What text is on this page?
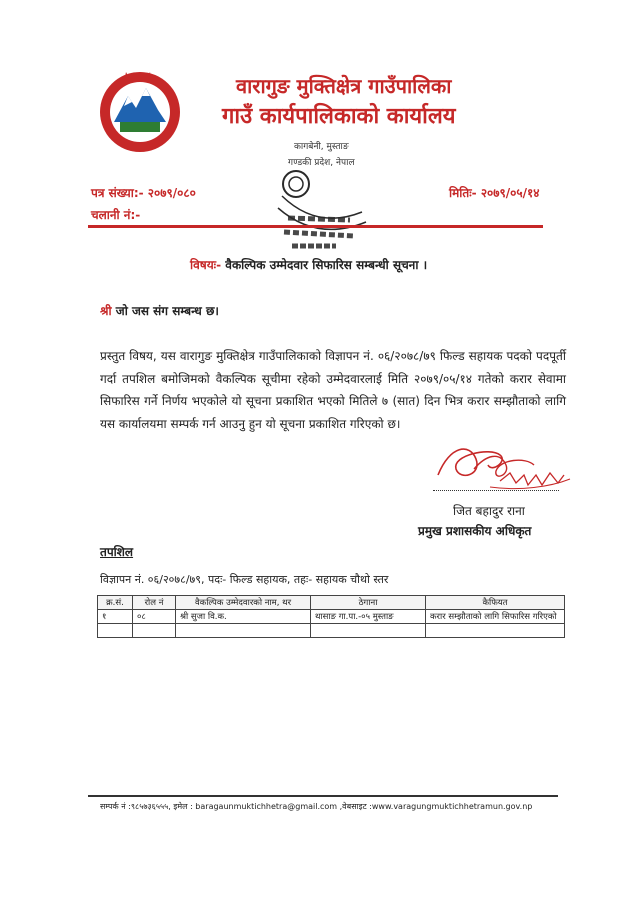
वारागुङ मुक्तिक्षेत्र गाउँपालिका
गाउँ कार्यपालिकाको कार्यालय
कागबेनी, मुस्ताङ
गण्डकी प्रदेश, नेपाल
पत्र संख्या:- २०७९/०८०
चलानी नं:-
मितिः- २०७९/०५/१४
विषयः- वैकल्पिक उम्मेदवार सिफारिस सम्बन्धी सूचना ।
श्री जो जस संग सम्बन्ध छ।
प्रस्तुत विषय, यस वारागुङ मुक्तिक्षेत्र गाउँपालिकाको विज्ञापन नं. ०६/२०७८/७९ फिल्ड सहायक पदको पदपूर्ती गर्दा तपशिल बमोजिमको वैकल्पिक सूचीमा रहेको उम्मेदवारलाई मिति २०७९/०५/१४ गतेको करार सेवामा सिफारिस गर्ने निर्णय भएकोले यो सूचना प्रकाशित भएको मितिले ७ (सात) दिन भित्र करार सम्झौताको लागि यस कार्यालयमा सम्पर्क गर्न आउनु हुन यो सूचना प्रकाशित गरिएको छ।
जित बहादुर राना
प्रमुख प्रशासकीय अधिकृत
तपशिल
विज्ञापन नं. ०६/२०७८/७९, पदः- फिल्ड सहायक, तहः- सहायक चौथो स्तर
क्र.सं.	रोल नं	वैकल्पिक उम्मेदवारको नाम, थर	ठेगाना	कैफियत
१	०८	श्री सुजा वि.क.	थासाङ गा.पा.-०५ मुस्ताङ	करार सम्झौताको लागि सिफारिस गरिएको

सम्पर्क नं :९८५७३६५५५, इमेल : baragaunmuktichhetra@gmail.com ,वेबसाइट :www.varagungmuktichhetramun.gov.np
